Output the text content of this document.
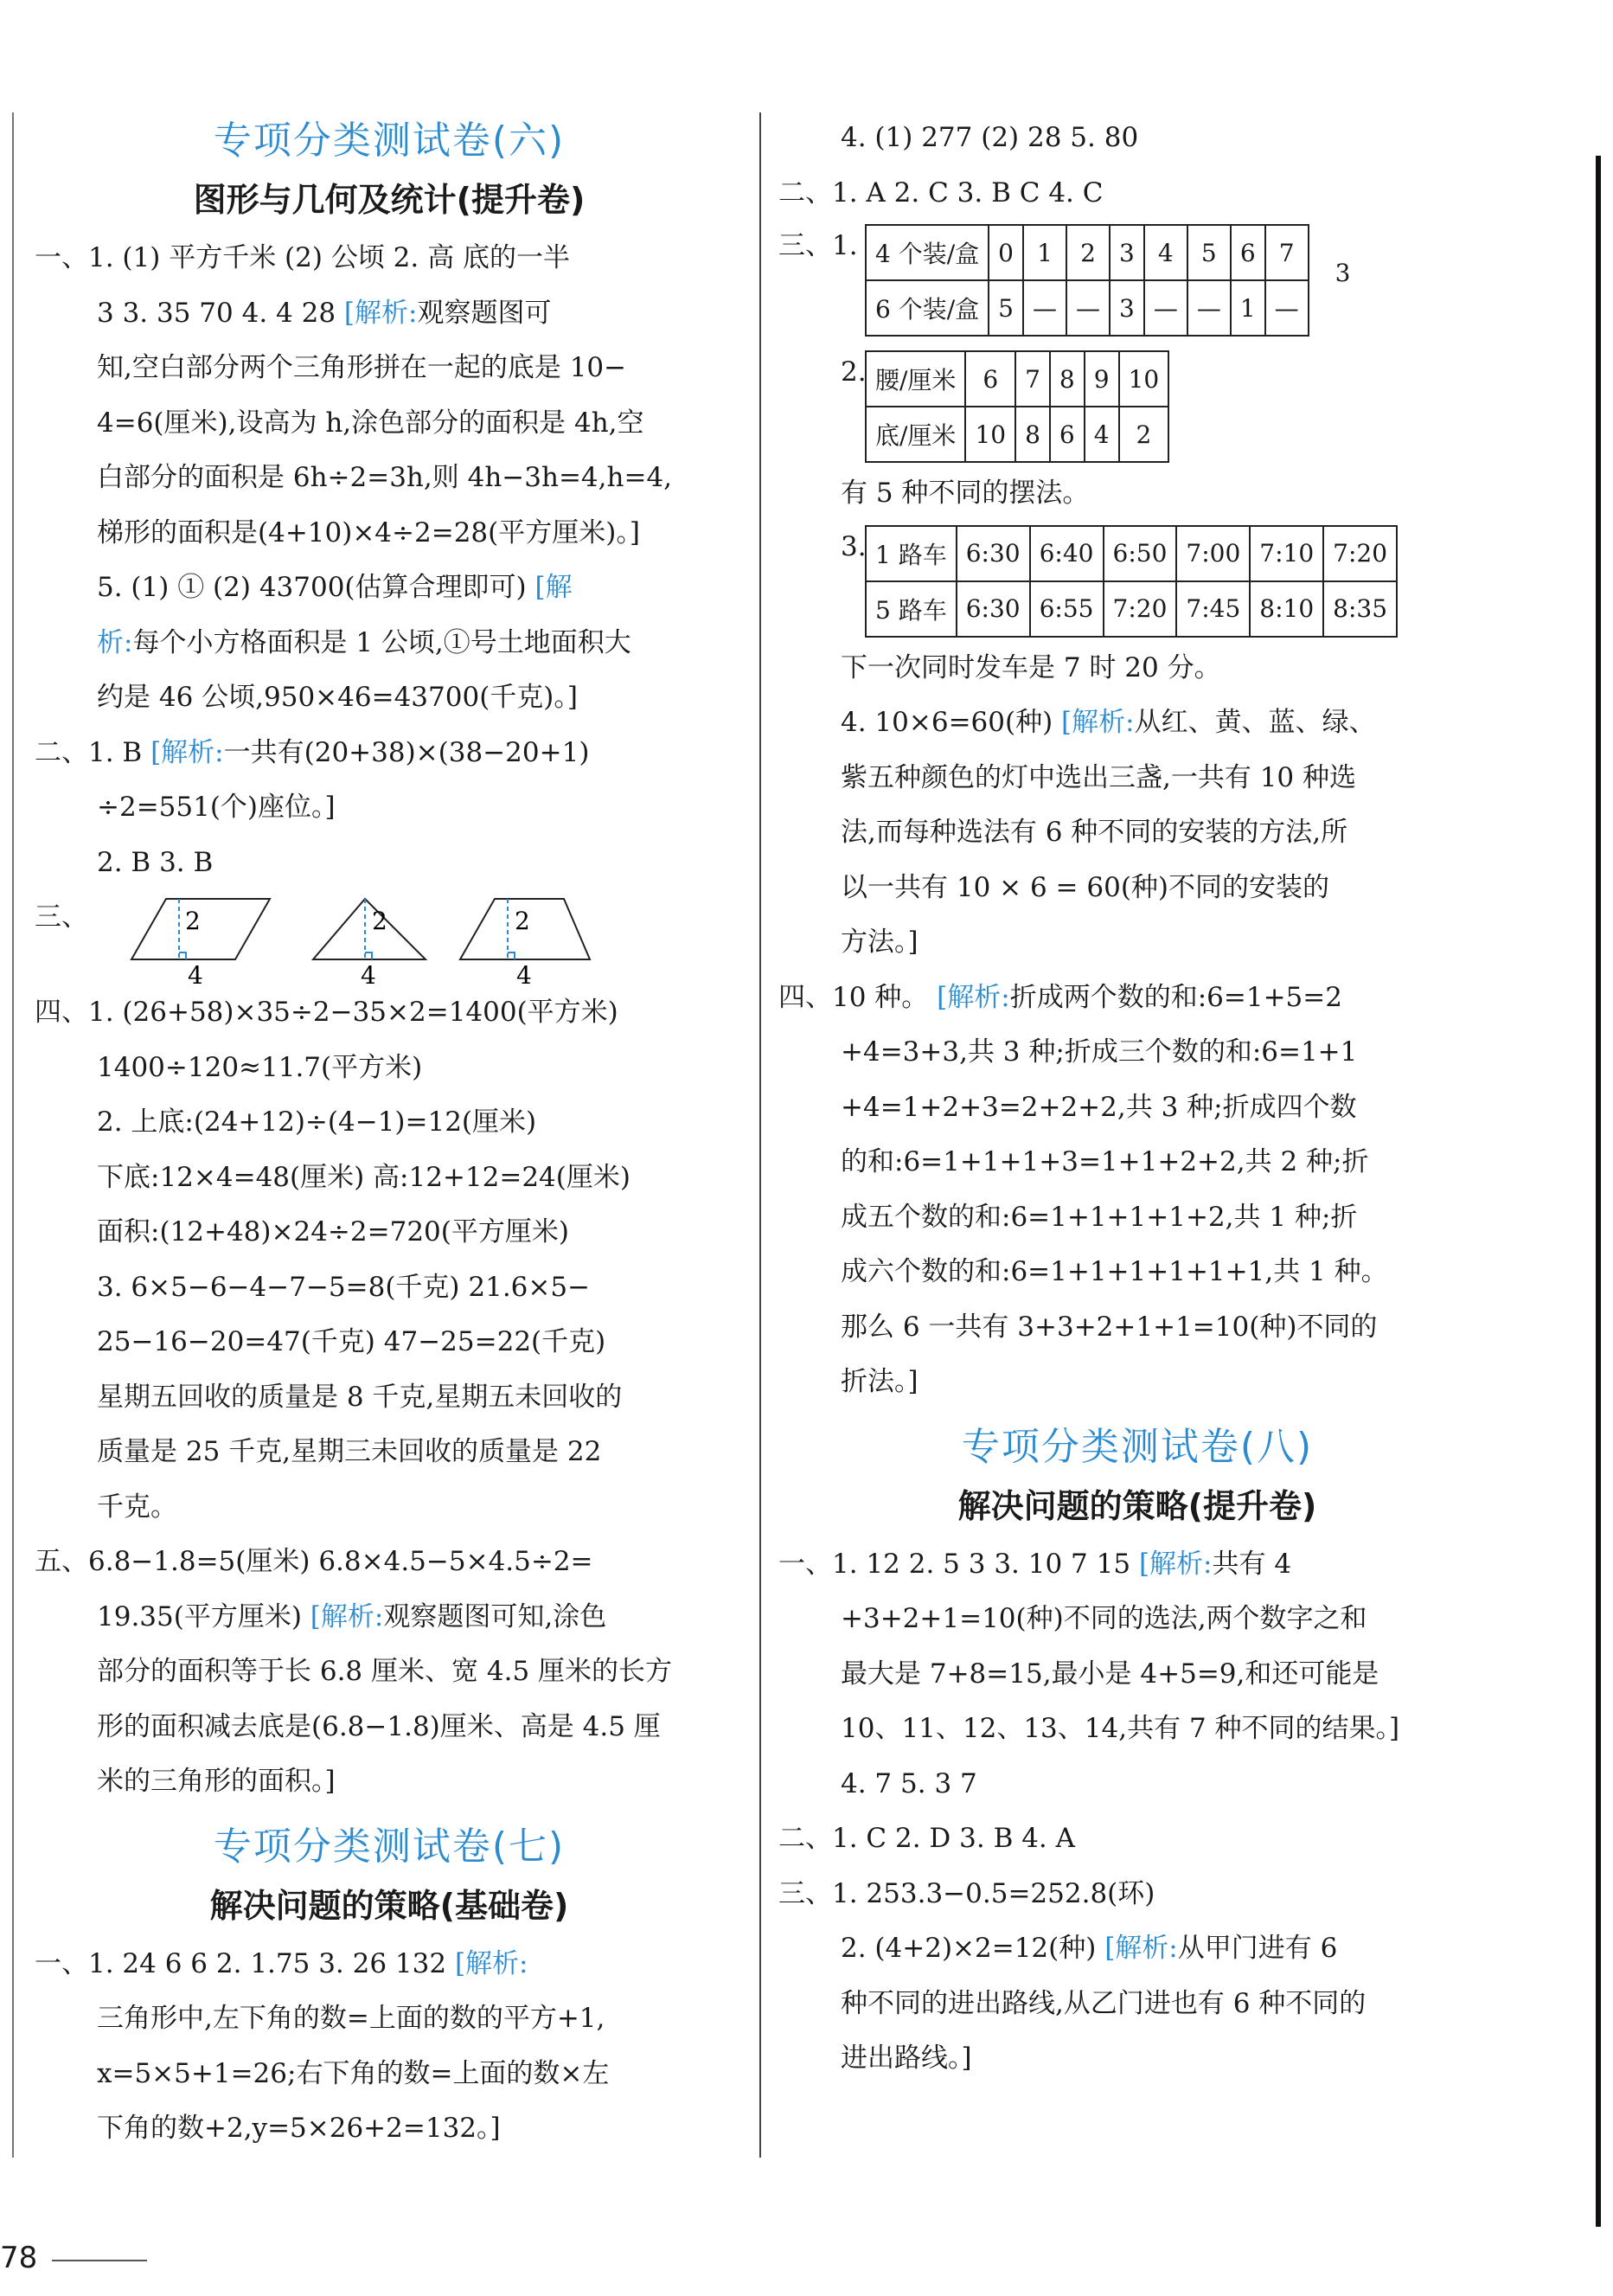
专项分类测试卷(六)
图形与几何及统计(提升卷)
一、1. (1) 平方千米 (2) 公顷 2. 高 底的一半
3 3. 35 70 4. 4 28 [解析:观察题图可
知,空白部分两个三角形拼在一起的底是 10−
4=6(厘米),设高为 h,涂色部分的面积是 4h,空
白部分的面积是 6h÷2=3h,则 4h−3h=4,h=4,
梯形的面积是(4+10)×4÷2=28(平方厘米)。]
5. (1) ① (2) 43700(估算合理即可) [解
析:每个小方格面积是 1 公顷,①号土地面积大
约是 46 公顷,950×46=43700(千克)。]
二、1. B [解析:一共有(20+38)×(38−20+1)
÷2=551(个)座位。]
2. B 3. B
三、	2
4
2
4
2
4
四、1. (26+58)×35÷2−35×2=1400(平方米)
1400÷120≈11.7(平方米)
2. 上底:(24+12)÷(4−1)=12(厘米)
下底:12×4=48(厘米) 高:12+12=24(厘米)
面积:(12+48)×24÷2=720(平方厘米)
3. 6×5−6−4−7−5=8(千克) 21.6×5−
25−16−20=47(千克) 47−25=22(千克)
星期五回收的质量是 8 千克,星期五未回收的
质量是 25 千克,星期三未回收的质量是 22
千克。
五、6.8−1.8=5(厘米) 6.8×4.5−5×4.5÷2=
19.35(平方厘米) [解析:观察题图可知,涂色
部分的面积等于长 6.8 厘米、宽 4.5 厘米的长方
形的面积减去底是(6.8−1.8)厘米、高是 4.5 厘
米的三角形的面积。]
专项分类测试卷(七)
解决问题的策略(基础卷)
一、1. 24 6 6 2. 1.75 3. 26 132 [解析:
三角形中,左下角的数=上面的数的平方+1,
x=5×5+1=26;右下角的数=上面的数×左
下角的数+2,y=5×26+2=132。]
4. (1) 277 (2) 28 5. 80
二、1. A 2. C 3. B C 4. C
三、1. 4 个装/盒	0	1	2	3	4	5	6	7
6 个装/盒	5	—	—	3	—	—	1	—
3
2. 腰/厘米	6	7	8	9	10
底/厘米	10	8	6	4	2
有 5 种不同的摆法。
3. 1 路车	6:30	6:40	6:50	7:00	7:10	7:20
5 路车	6:30	6:55	7:20	7:45	8:10	8:35
下一次同时发车是 7 时 20 分。
4. 10×6=60(种) [解析:从红、黄、蓝、绿、
紫五种颜色的灯中选出三盏,一共有 10 种选
法,而每种选法有 6 种不同的安装的方法,所
以一共有 10 × 6 = 60(种)不同的安装的
方法。]
四、10 种。 [解析:折成两个数的和:6=1+5=2
+4=3+3,共 3 种;折成三个数的和:6=1+1
+4=1+2+3=2+2+2,共 3 种;折成四个数
的和:6=1+1+1+3=1+1+2+2,共 2 种;折
成五个数的和:6=1+1+1+1+2,共 1 种;折
成六个数的和:6=1+1+1+1+1+1,共 1 种。
那么 6 一共有 3+3+2+1+1=10(种)不同的
折法。]
专项分类测试卷(八)
解决问题的策略(提升卷)
一、1. 12 2. 5 3 3. 10 7 15 [解析:共有 4
+3+2+1=10(种)不同的选法,两个数字之和
最大是 7+8=15,最小是 4+5=9,和还可能是
10、11、12、13、14,共有 7 种不同的结果。]
4. 7 5. 3 7
二、1. C 2. D 3. B 4. A
三、1. 253.3−0.5=252.8(环)
2. (4+2)×2=12(种) [解析:从甲门进有 6
种不同的进出路线,从乙门进也有 6 种不同的
进出路线。]
78
